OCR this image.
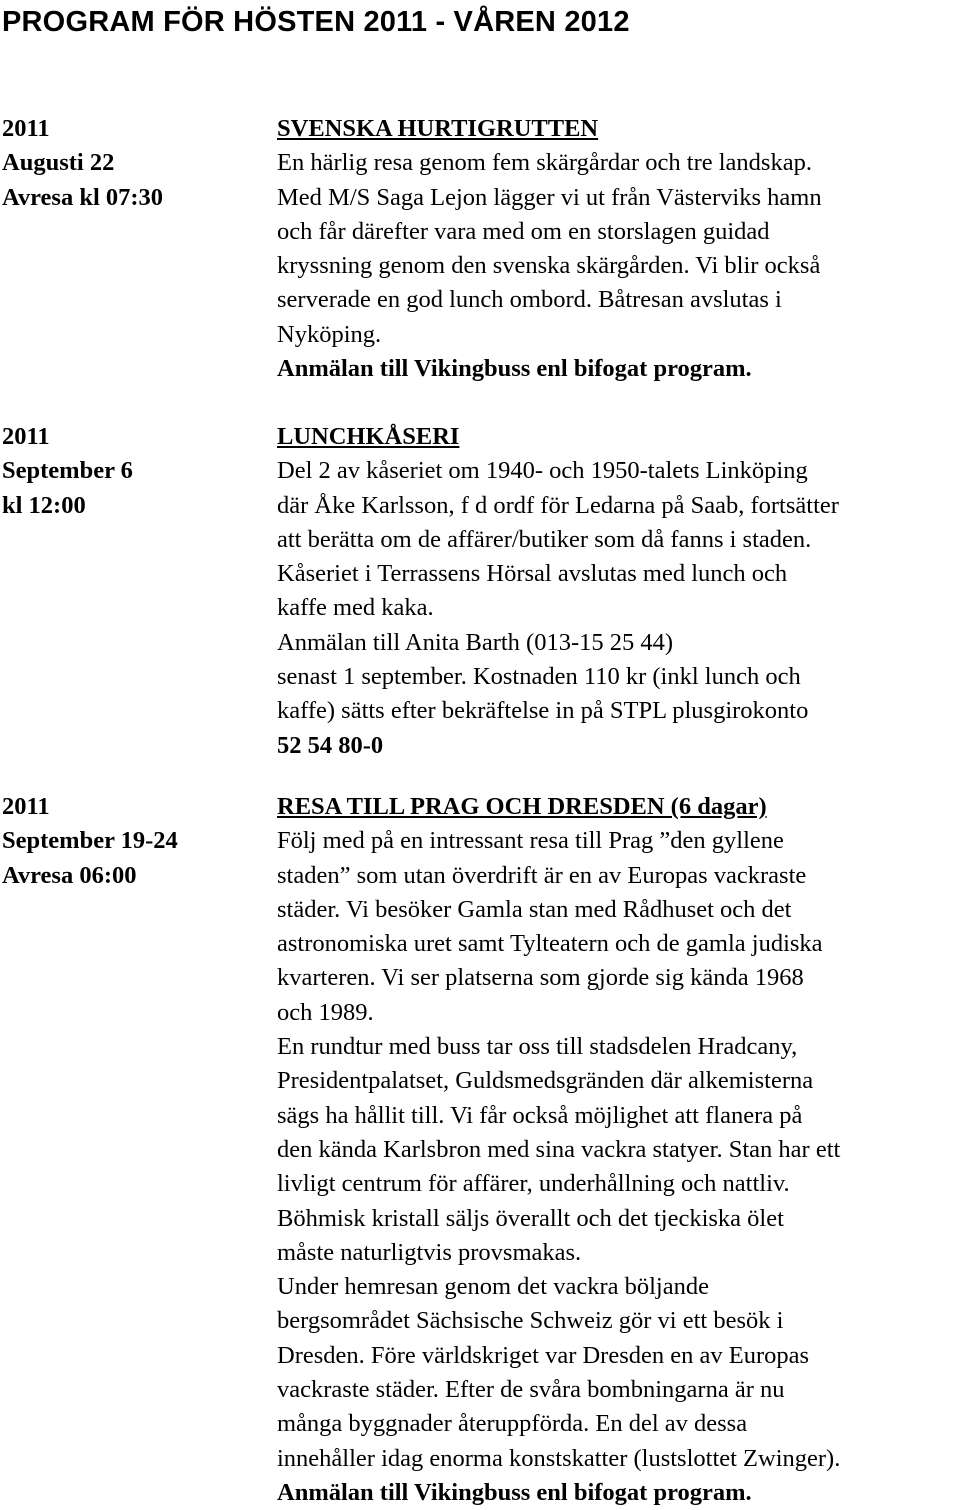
PROGRAM FÖR HÖSTEN 2011 - VÅREN 2012
2011
Augusti 22
Avresa kl 07:30
SVENSKA HURTIGRUTTEN
En härlig resa genom fem skärgårdar och tre landskap.
Med M/S Saga Lejon lägger vi ut från Västerviks hamn
och får därefter vara med om en storslagen guidad
kryssning genom den svenska skärgården. Vi blir också
serverade en god lunch ombord. Båtresan avslutas i
Nyköping.
Anmälan till Vikingbuss enl bifogat program.
2011
September 6
kl 12:00
LUNCHKÅSERI
Del 2 av kåseriet om 1940- och 1950-talets Linköping
där Åke Karlsson, f d ordf för Ledarna på Saab, fortsätter
att berätta om de affärer/butiker som då fanns i staden.
Kåseriet i Terrassens Hörsal avslutas med lunch och
kaffe med kaka.
Anmälan till Anita Barth (013-15 25 44)
senast 1 september. Kostnaden 110 kr (inkl lunch och
kaffe) sätts efter bekräftelse in på STPL plusgirokonto
52 54 80-0
2011
September 19-24
Avresa 06:00
RESA TILL PRAG OCH DRESDEN (6 dagar)
Följ med på en intressant resa till Prag ”den gyllene
staden” som utan överdrift är en av Europas vackraste
städer. Vi besöker Gamla stan med Rådhuset och det
astronomiska uret samt Tylteatern och de gamla judiska
kvarteren. Vi ser platserna som gjorde sig kända 1968
och 1989.
En rundtur med buss tar oss till stadsdelen Hradcany,
Presidentpalatset, Guldsmedsgränden där alkemisterna
sägs ha hållit till. Vi får också möjlighet att flanera på
den kända Karlsbron med sina vackra statyer. Stan har ett
livligt centrum för affärer, underhållning och nattliv.
Böhmisk kristall säljs överallt och det tjeckiska ölet
måste naturligtvis provsmakas.
Under hemresan genom det vackra böljande
bergsområdet Sächsische Schweiz gör vi ett besök i
Dresden. Före världskriget var Dresden en av Europas
vackraste städer. Efter de svåra bombningarna är nu
många byggnader återuppförda. En del av dessa
innehåller idag enorma konstskatter (lustslottet Zwinger).
Anmälan till Vikingbuss enl bifogat program.
